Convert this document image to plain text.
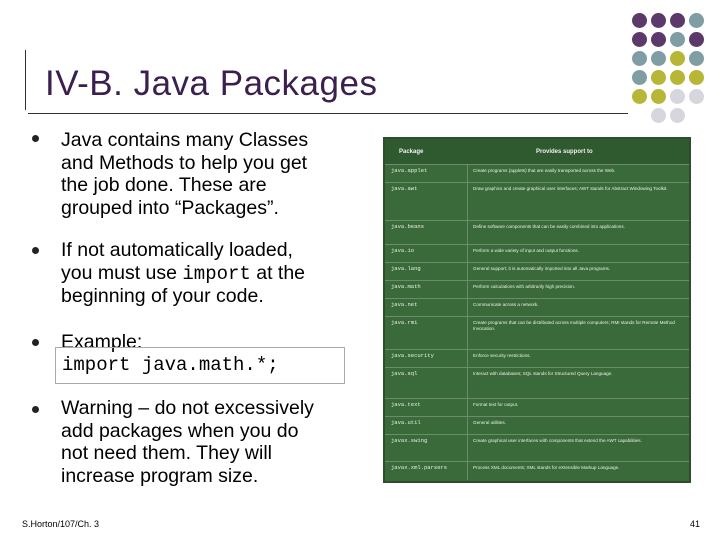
IV-B. Java Packages
Java contains many Classes
and Methods to help you get
the job done. These are
grouped into “Packages”.
If not automatically loaded,
you must use import at the
beginning of your code.
Example:
import java.math.*;
Warning – do not excessively
add packages when you do
not need them. They will
increase program size.
Package	Provides support to
java.applet	Create programs (applets) that are easily transported across the Web.
java.awt	Draw graphics and create graphical user interfaces; AWT stands for Abstract Windowing Toolkit.
java.beans	Define software components that can be easily combined into applications.
java.io	Perform a wide variety of input and output functions.
java.lang	General support; it is automatically imported into all Java programs.
java.math	Perform calculations with arbitrarily high precision.
java.net	Communicate across a network.
java.rmi	Create programs that can be distributed across multiple computers; RMI stands for Remote Method Invocation.
java.security	Enforce security restrictions.
java.sql	Interact with databases; SQL stands for Structured Query Language.
java.text	Format text for output.
java.util	General utilities.
javax.swing	Create graphical user interfaces with components that extend the AWT capabilities.
javax.xml.parsers	Process XML documents; XML stands for eXtensible Markup Language.
S.Horton/107/Ch. 3	41
